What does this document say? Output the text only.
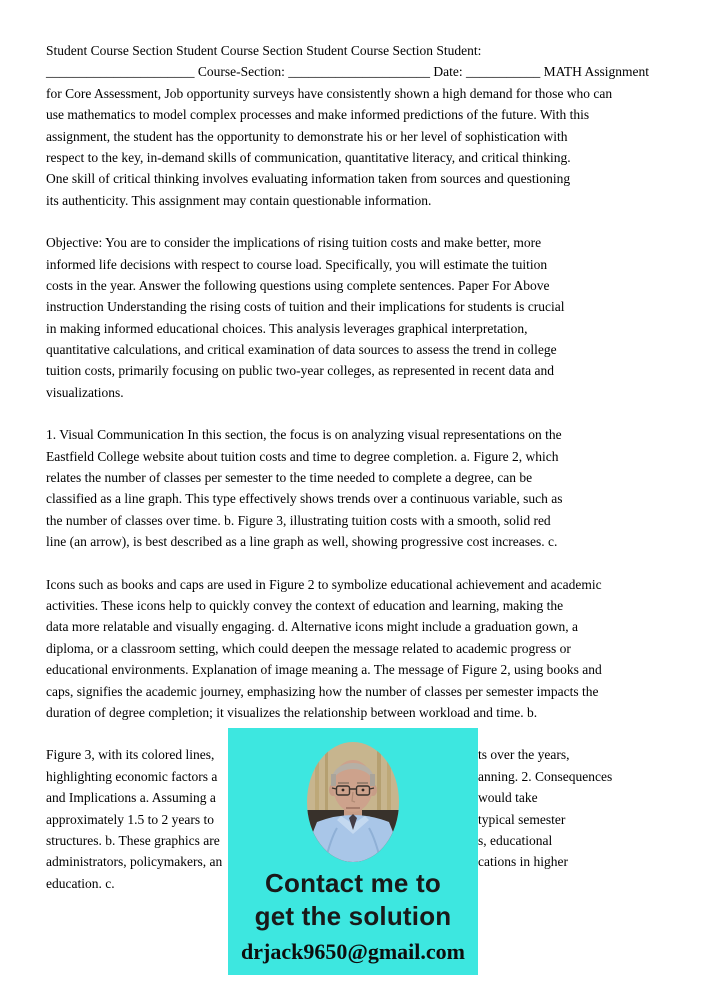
Student Course Section Student Course Section Student Course Section Student:
______________________ Course-Section: _____________________ Date: ___________ MATH Assignment
for Core Assessment, Job opportunity surveys have consistently shown a high demand for those who can
use mathematics to model complex processes and make informed predictions of the future. With this
assignment, the student has the opportunity to demonstrate his or her level of sophistication with
respect to the key, in-demand skills of communication, quantitative literacy, and critical thinking.
One skill of critical thinking involves evaluating information taken from sources and questioning
its authenticity. This assignment may contain questionable information.
Objective: You are to consider the implications of rising tuition costs and make better, more
informed life decisions with respect to course load. Specifically, you will estimate the tuition
costs in the year. Answer the following questions using complete sentences. Paper For Above
instruction Understanding the rising costs of tuition and their implications for students is crucial
in making informed educational choices. This analysis leverages graphical interpretation,
quantitative calculations, and critical examination of data sources to assess the trend in college
tuition costs, primarily focusing on public two-year colleges, as represented in recent data and
visualizations.
1. Visual Communication In this section, the focus is on analyzing visual representations on the
Eastfield College website about tuition costs and time to degree completion. a. Figure 2, which
relates the number of classes per semester to the time needed to complete a degree, can be
classified as a line graph. This type effectively shows trends over a continuous variable, such as
the number of classes over time. b. Figure 3, illustrating tuition costs with a smooth, solid red
line (an arrow), is best described as a line graph as well, showing progressive cost increases. c.
Icons such as books and caps are used in Figure 2 to symbolize educational achievement and academic
activities. These icons help to quickly convey the context of education and learning, making the
data more relatable and visually engaging. d. Alternative icons might include a graduation gown, a
diploma, or a classroom setting, which could deepen the message related to academic progress or
educational environments. Explanation of image meaning a. The message of Figure 2, using books and
caps, signifies the academic journey, emphasizing how the number of classes per semester impacts the
duration of degree completion; it visualizes the relationship between workload and time. b.
Figure 3, with its colored lines,	ts over the years,
highlighting economic factors a	anning. 2. Consequences
and Implications a. Assuming a	would take
approximately 1.5 to 2 years to	typical semester
structures. b. These graphics are	s, educational
administrators, policymakers, an	cations in higher
education. c.	Contact me to
get the solution
drjack9650@gmail.com
